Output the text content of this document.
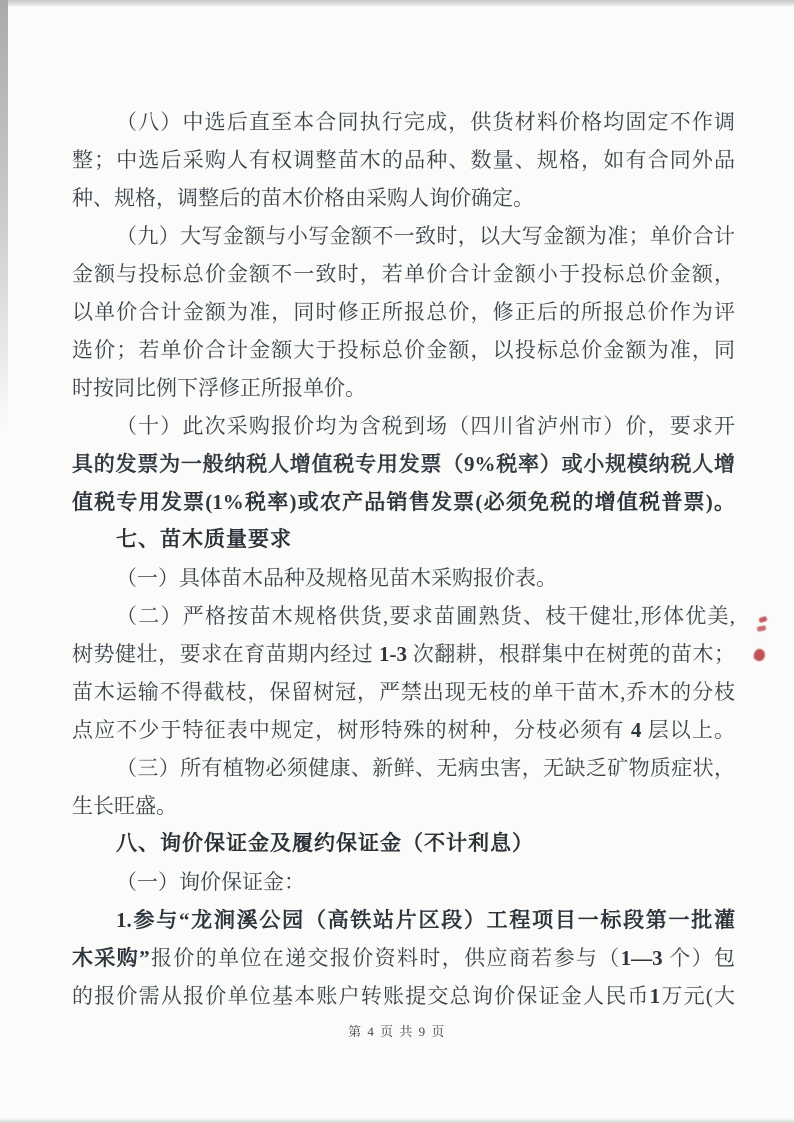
（八）中选后直至本合同执行完成，供货材料价格均固定不作调
整；中选后采购人有权调整苗木的品种、数量、规格，如有合同外品
种、规格，调整后的苗木价格由采购人询价确定。
（九）大写金额与小写金额不一致时，以大写金额为准；单价合计
金额与投标总价金额不一致时，若单价合计金额小于投标总价金额，
以单价合计金额为准，同时修正所报总价，修正后的所报总价作为评
选价；若单价合计金额大于投标总价金额，以投标总价金额为准，同
时按同比例下浮修正所报单价。
（十）此次采购报价均为含税到场（四川省泸州市）价，要求开
具的发票为一般纳税人增值税专用发票（9%税率）或小规模纳税人增
值税专用发票(1%税率)或农产品销售发票(必须免税的增值税普票)。
七、苗木质量要求
（一）具体苗木品种及规格见苗木采购报价表。
（二）严格按苗木规格供货,要求苗圃熟货、枝干健壮,形体优美,
树势健壮，要求在育苗期内经过 1-3 次翻耕，根群集中在树蔸的苗木；
苗木运输不得截枝，保留树冠，严禁出现无枝的单干苗木,乔木的分枝
点应不少于特征表中规定，树形特殊的树种，分枝必须有 4 层以上。
（三）所有植物必须健康、新鲜、无病虫害，无缺乏矿物质症状，
生长旺盛。
八、询价保证金及履约保证金（不计利息）
（一）询价保证金：
1.参与“龙涧溪公园（高铁站片区段）工程项目一标段第一批灌
木采购”报价的单位在递交报价资料时，供应商若参与（1—3 个）包
的报价需从报价单位基本账户转账提交总询价保证金人民币1万元(大
第 4 页 共 9 页
